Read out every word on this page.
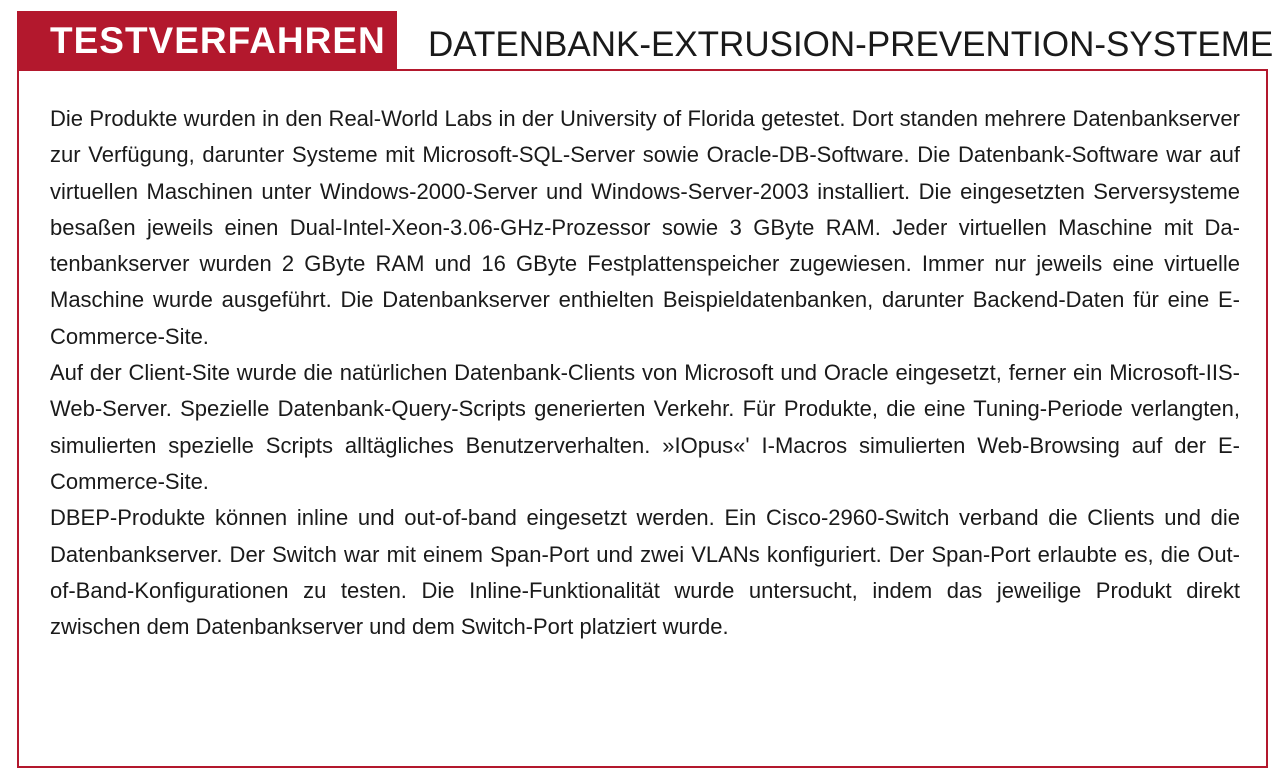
TESTVERFAHREN	DATENBANK-EXTRUSION-PREVENTION-SYSTEME

Die Produkte wurden in den Real-World Labs in der University of Florida getestet. Dort standen mehrere Datenbankserver zur Verfügung, darunter Systeme mit Microsoft-SQL-Server sowie Oracle-DB-Software. Die Datenbank-Software war auf virtuellen Maschinen unter Windows-2000-Server und Windows-Server-2003 installiert. Die eingesetzten Serversysteme besaßen jeweils einen Dual-Intel-Xeon-3.06-GHz-Prozessor sowie 3 GByte RAM. Jeder virtuellen Maschine mit Datenbankserver wurden 2 GByte RAM und 16 GByte Festplattenspeicher zugewiesen. Immer nur jeweils eine virtuelle Maschine wurde ausgeführt. Die Datenbankserver enthielten Beispieldatenbanken, darunter Backend-Daten für eine E-Commerce-Site.

Auf der Client-Site wurde die natürlichen Datenbank-Clients von Microsoft und Oracle eingesetzt, ferner ein Microsoft-IIS-Web-Server. Spezielle Datenbank-Query-Scripts generierten Verkehr. Für Produkte, die eine Tuning-Periode verlangten, simulierten spezielle Scripts alltägliches Benutzerverhalten. »IOpus«' I-Macros simulierten Web-Browsing auf der E-Commerce-Site.

DBEP-Produkte können inline und out-of-band eingesetzt werden. Ein Cisco-2960-Switch verband die Clients und die Datenbankserver. Der Switch war mit einem Span-Port und zwei VLANs konfiguriert. Der Span-Port erlaubte es, die Out-of-Band-Konfigurationen zu testen. Die Inline-Funktionalität wurde untersucht, indem das jeweilige Produkt direkt zwischen dem Datenbankserver und dem Switch-Port platziert wurde.
